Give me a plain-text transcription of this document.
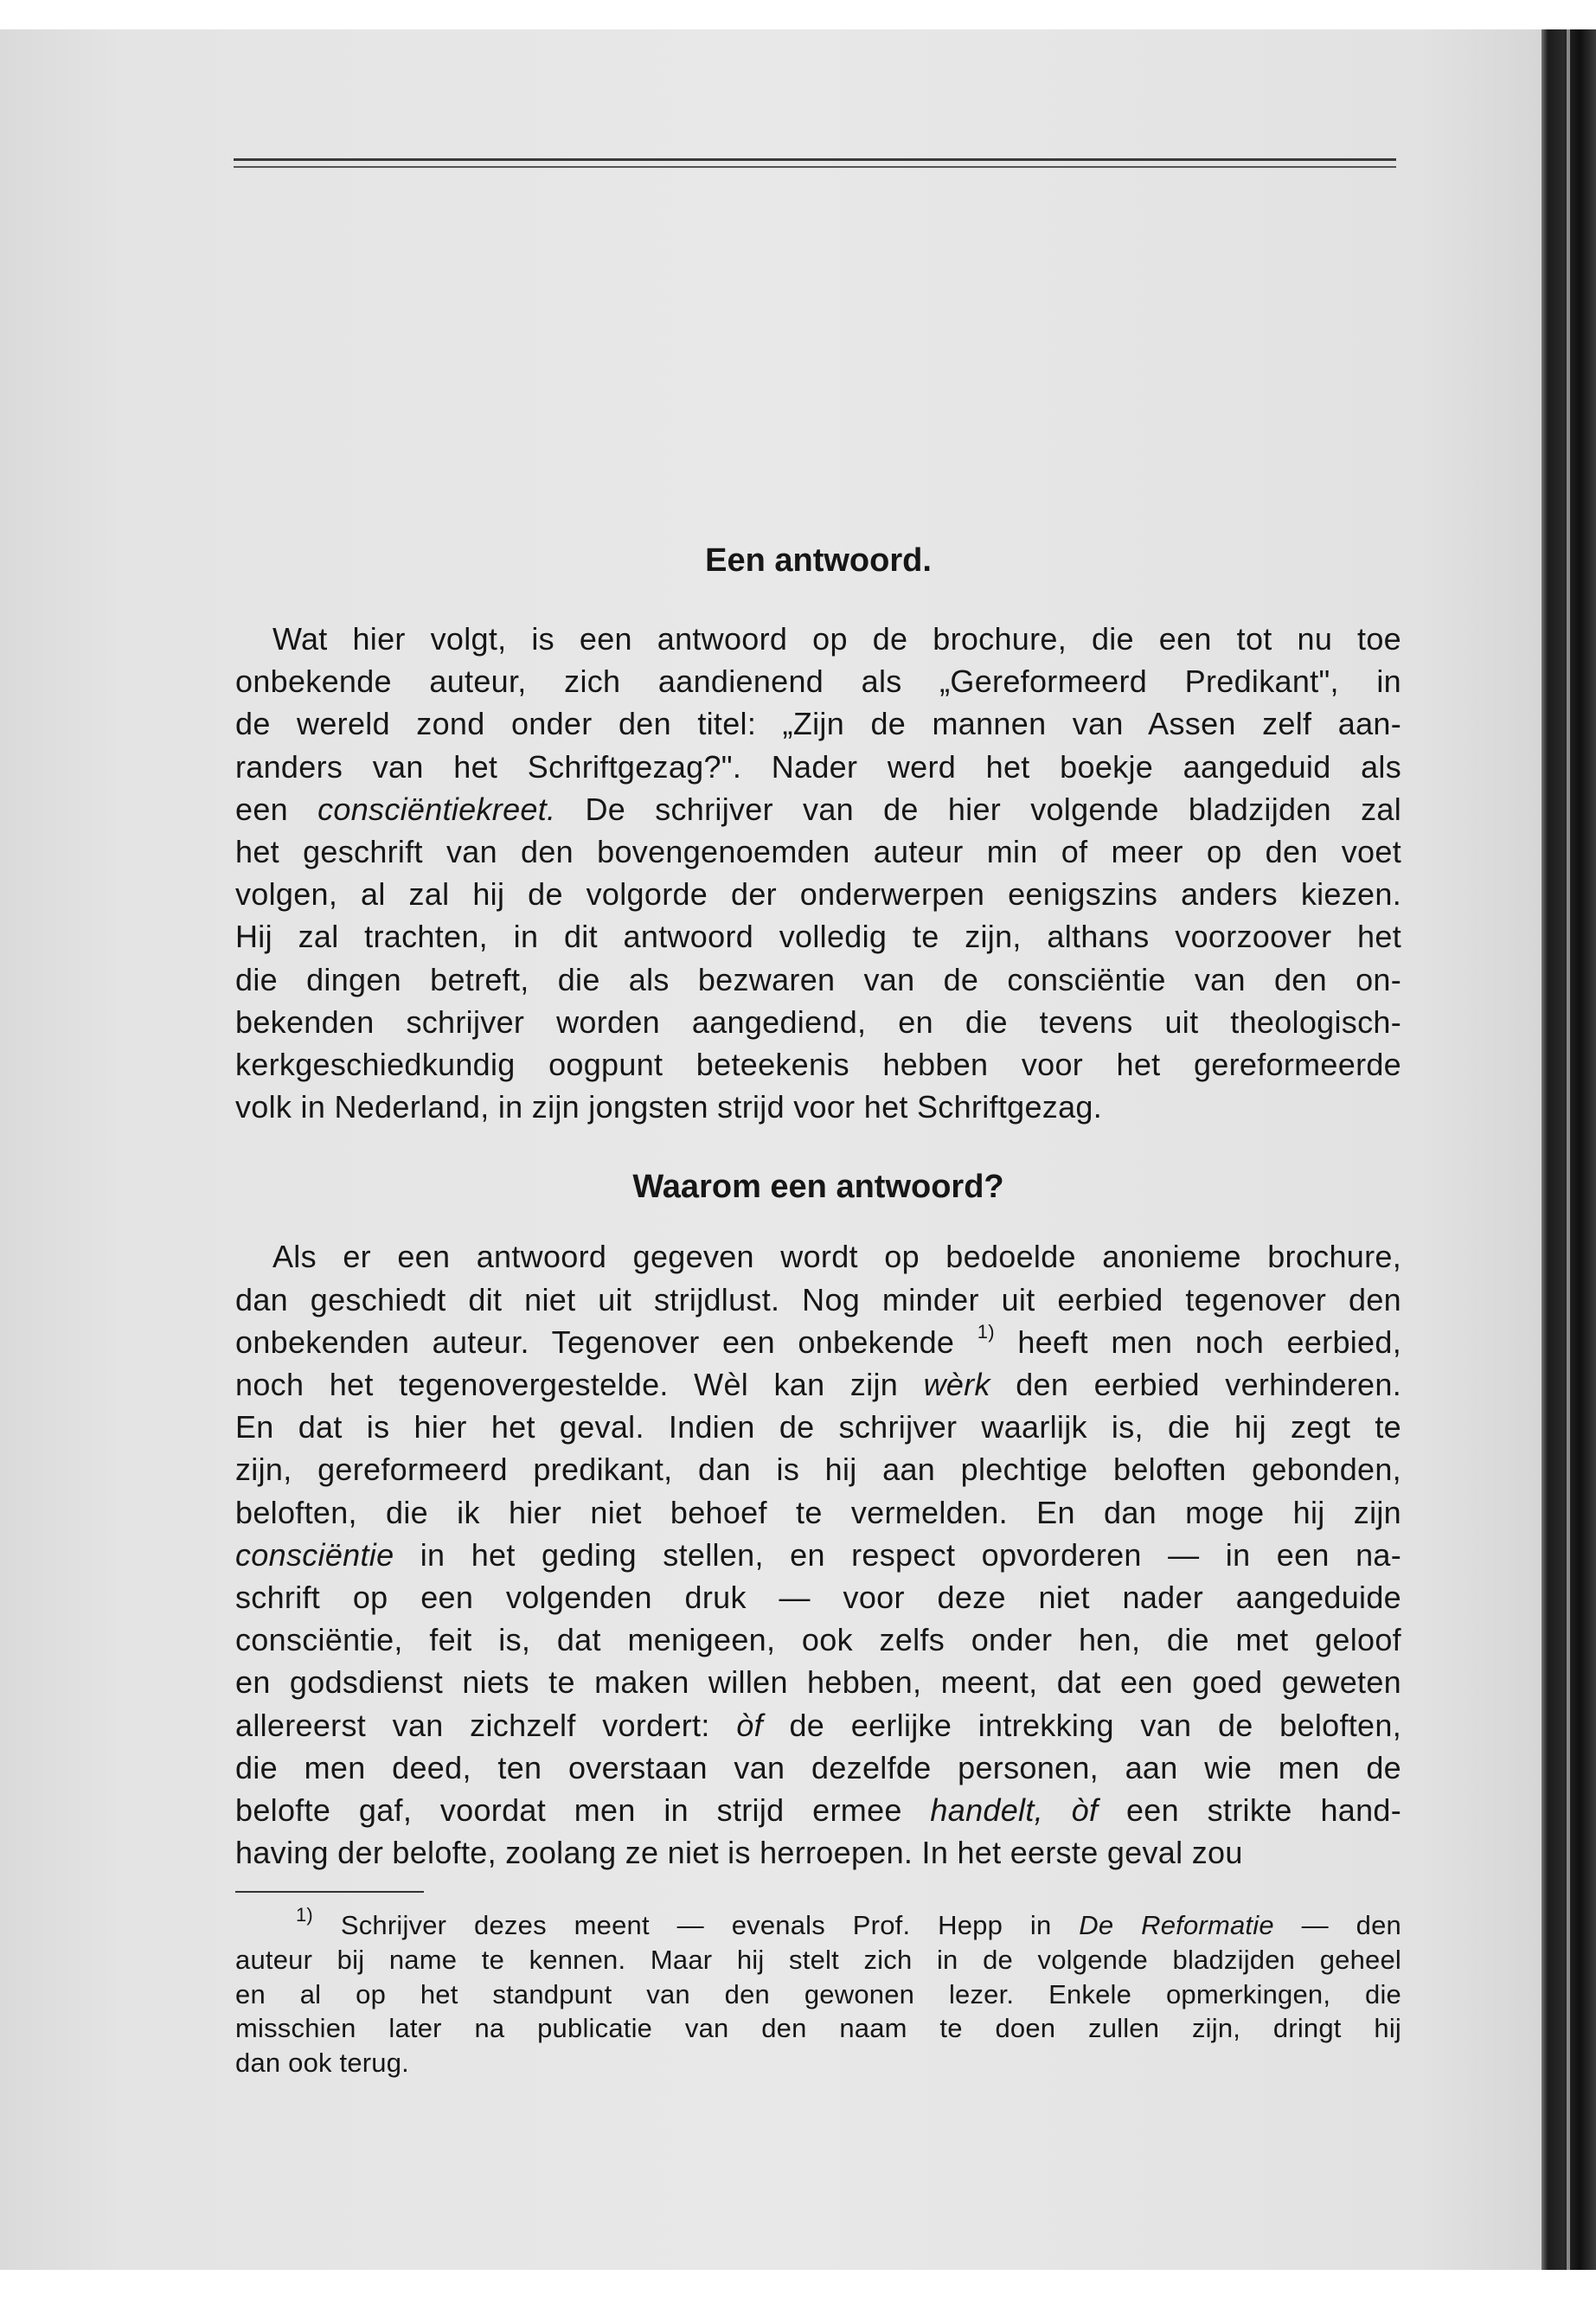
Een antwoord.

Wat hier volgt, is een antwoord op de brochure, die een tot nu toe
onbekende auteur, zich aandienend als „Gereformeerd Predikant", in
de wereld zond onder den titel: „Zijn de mannen van Assen zelf aan-
randers van het Schriftgezag?". Nader werd het boekje aangeduid als
een consciëntiekreet. De schrijver van de hier volgende bladzijden zal
het geschrift van den bovengenoemden auteur min of meer op den voet
volgen, al zal hij de volgorde der onderwerpen eenigszins anders kiezen.
Hij zal trachten, in dit antwoord volledig te zijn, althans voorzoover het
die dingen betreft, die als bezwaren van de consciëntie van den on-
bekenden schrijver worden aangediend, en die tevens uit theologisch-
kerkgeschiedkundig oogpunt beteekenis hebben voor het gereformeerde
volk in Nederland, in zijn jongsten strijd voor het Schriftgezag.

Waarom een antwoord?

Als er een antwoord gegeven wordt op bedoelde anonieme brochure,
dan geschiedt dit niet uit strijdlust. Nog minder uit eerbied tegenover den
onbekenden auteur. Tegenover een onbekende $^{1)}$ heeft men noch eerbied,
noch het tegenovergestelde. Wèl kan zijn wèrk den eerbied verhinderen.
En dat is hier het geval. Indien de schrijver waarlijk is, die hij zegt te
zijn, gereformeerd predikant, dan is hij aan plechtige beloften gebonden,
beloften, die ik hier niet behoef te vermelden. En dan moge hij zijn
consciëntie in het geding stellen, en respect opvorderen — in een na-
schrift op een volgenden druk — voor deze niet nader aangeduide
consciëntie, feit is, dat menigeen, ook zelfs onder hen, die met geloof
en godsdienst niets te maken willen hebben, meent, dat een goed geweten
allereerst van zichzelf vordert: òf de eerlijke intrekking van de beloften,
die men deed, ten overstaan van dezelfde personen, aan wie men de
belofte gaf, voordat men in strijd ermee handelt, òf een strikte hand-
having der belofte, zoolang ze niet is herroepen. In het eerste geval zou

$^{1)}$ Schrijver dezes meent — evenals Prof. Hepp in De Reformatie — den
auteur bij name te kennen. Maar hij stelt zich in de volgende bladzijden geheel
en al op het standpunt van den gewonen lezer. Enkele opmerkingen, die
misschien later na publicatie van den naam te doen zullen zijn, dringt hij
dan ook terug.
